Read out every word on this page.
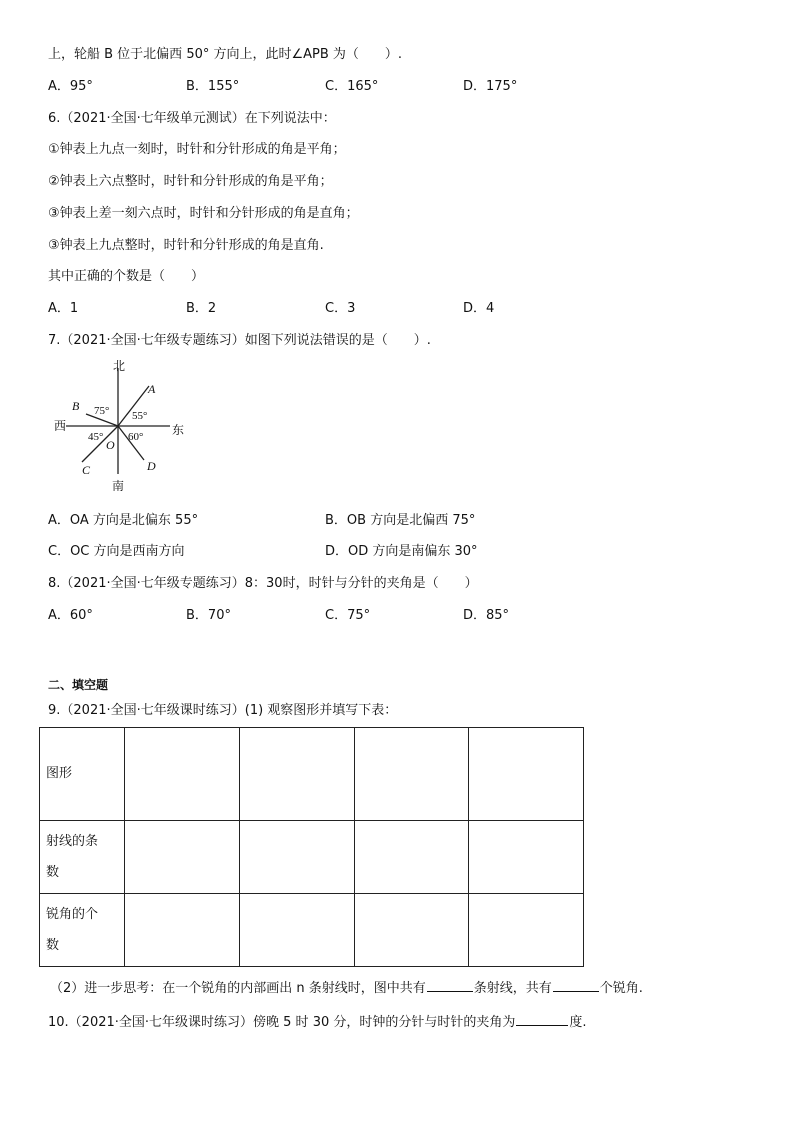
上，轮船 B 位于北偏西 50° 方向上，此时∠APB 为（　　）.
A．95°	B．155°	C．165°	D．175°
6.（2021·全国·七年级单元测试）在下列说法中：
①钟表上九点一刻时，时针和分针形成的角是平角；
②钟表上六点整时，时针和分针形成的角是平角；
③钟表上差一刻六点时，时针和分针形成的角是直角；
③钟表上九点整时，时针和分针形成的角是直角.
其中正确的个数是（　　）
A．1	B．2	C．3	D．4
7.（2021·全国·七年级专题练习）如图下列说法错误的是（　　）.
北
南
东
西
A
B
C	D
O
75° 55°
45° 60°
A．OA 方向是北偏东 55°	B．OB 方向是北偏西 75°
C．OC 方向是西南方向	D．OD 方向是南偏东 30°
8.（2021·全国·七年级专题练习）8：30时，时针与分针的夹角是（　　）
A．60°	B．70°	C．75°	D．85°
二、填空题
9.（2021·全国·七年级课时练习）(1) 观察图形并填写下表：
图形				
射线的条
数				
锐角的个
数				
（2）进一步思考：在一个锐角的内部画出 n 条射线时，图中共有	条射线，共有	个锐角.
10.（2021·全国·七年级课时练习）傍晚 5 时 30 分，时钟的分针与时针的夹角为	度.
